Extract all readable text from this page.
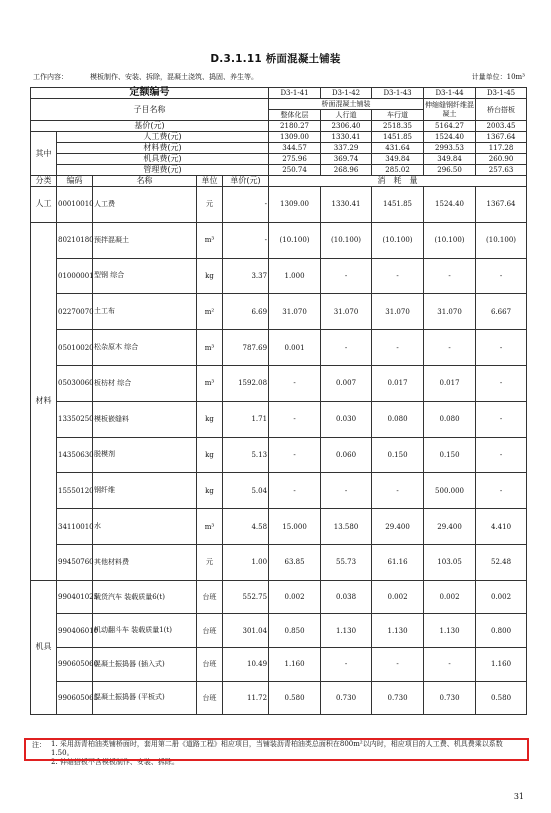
D.3.1.11 桥面混凝土铺装
工作内容：	模板制作、安装、拆除，混凝土浇筑、捣固、养生等。	计量单位：10m³
定额编号					D3-1-41	D3-1-42	D3-1-43	D3-1-44	D3-1-45
子目名称					桥面混凝土铺装			伸缩缝钢纤维混凝土	桥台搭板
					整体化层	人行道	车行道		
基价(元)					2180.27	2306.40	2518.35	5164.27	2003.45
其中	人工费(元)				1309.00	1330.41	1451.85	1524.40	1367.64
	材料费(元)				344.57	337.29	431.64	2993.53	117.28
	机具费(元)				275.96	369.74	349.84	349.84	260.90
	管理费(元)				250.74	268.96	285.02	296.50	257.63
分类	编码	名称	单位	单价(元)	消　耗　量				
人工	00010010	人工费	元	-	1309.00	1330.41	1451.85	1524.40	1367.64
材料	80210180	预拌混凝土	m³	-	(10.100)	(10.100)	(10.100)	(10.100)	(10.100)
	01000001	型钢 综合	kg	3.37	1.000	-	-	-	-
	02270070	土工布	m²	6.69	31.070	31.070	31.070	31.070	6.667
	05010020	松杂原木 综合	m³	787.69	0.001	-	-	-	-
	05030060	板枋材 综合	m³	1592.08	-	0.007	0.017	0.017	-
	13350250	模板嵌缝料	kg	1.71	-	0.030	0.080	0.080	-
	14350630	脱模剂	kg	5.13	-	0.060	0.150	0.150	-
	15550120	钢纤维	kg	5.04	-	-	-	500.000	-
	34110010	水	m³	4.58	15.000	13.580	29.400	29.400	4.410
	99450760	其他材料费	元	1.00	63.85	55.73	61.16	103.05	52.48
机具	990401025	载货汽车 装载质量6(t)	台班	552.75	0.002	0.038	0.002	0.002	0.002
	990406010	机动翻斗车 装载质量1(t)	台班	301.04	0.850	1.130	1.130	1.130	0.800
	990605060	混凝土振捣器 (插入式)	台班	10.49	1.160	-	-	-	1.160
	990605065	混凝土振捣器 (平板式)	台班	11.72	0.580	0.730	0.730	0.730	0.580
注： 1. 采用沥青柏油类铺桥面时，套用第二册《道路工程》相应项目，当铺装沥青柏油类总面积在800m²以内时，相应项目的人工费、机具费乘以系数1.50。
2. 伸缩搭板不含模板制作、安装、拆除。
31
